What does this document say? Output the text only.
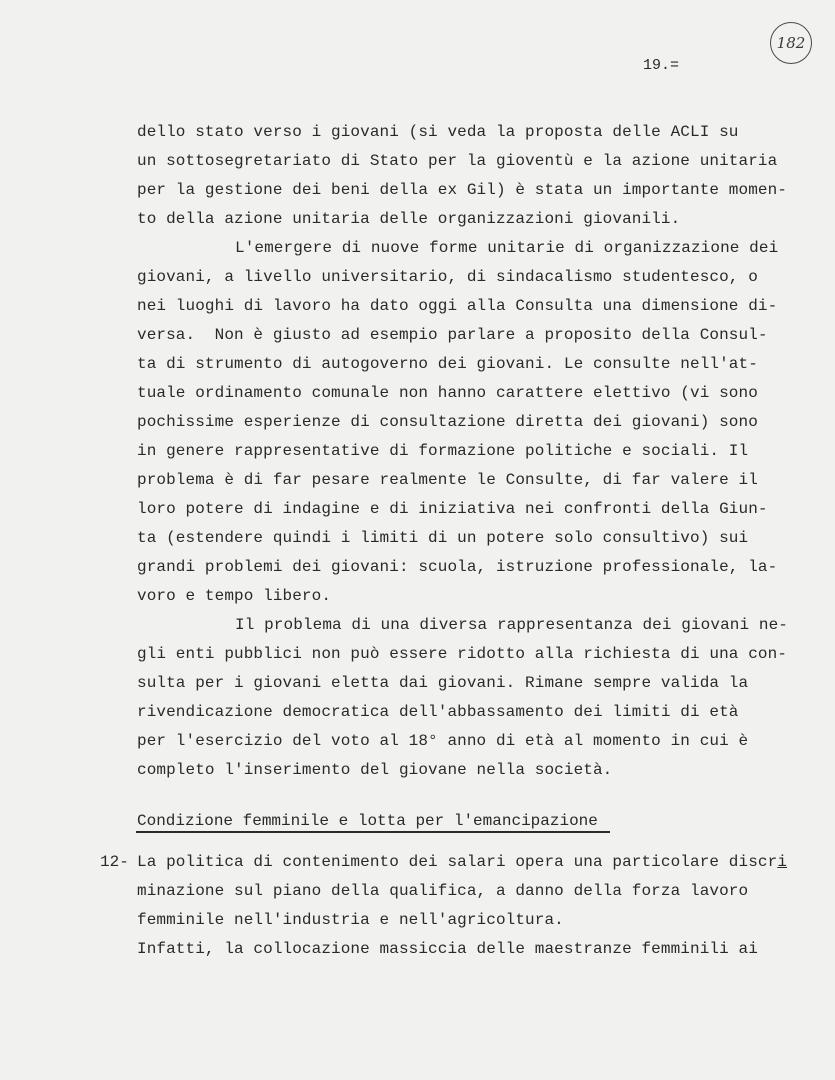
182
19.=
dello stato verso i giovani (si veda la proposta delle ACLI su
un sottosegretariato di Stato per la gioventù e la azione unitaria
per la gestione dei beni della ex Gil) è stata un importante momen-
to della azione unitaria delle organizzazioni giovanili.
L'emergere di nuove forme unitarie di organizzazione dei
giovani, a livello universitario, di sindacalismo studentesco, o
nei luoghi di lavoro ha dato oggi alla Consulta una dimensione di-
versa.  Non è giusto ad esempio parlare a proposito della Consul-
ta di strumento di autogoverno dei giovani. Le consulte nell'at-
tuale ordinamento comunale non hanno carattere elettivo (vi sono
pochissime esperienze di consultazione diretta dei giovani) sono
in genere rappresentative di formazione politiche e sociali. Il
problema è di far pesare realmente le Consulte, di far valere il
loro potere di indagine e di iniziativa nei confronti della Giun-
ta (estendere quindi i limiti di un potere solo consultivo) sui
grandi problemi dei giovani: scuola, istruzione professionale, la-
voro e tempo libero.
Il problema di una diversa rappresentanza dei giovani ne-
gli enti pubblici non può essere ridotto alla richiesta di una con-
sulta per i giovani eletta dai giovani. Rimane sempre valida la
rivendicazione democratica dell'abbassamento dei limiti di età
per l'esercizio del voto al 18° anno di età al momento in cui è
completo l'inserimento del giovane nella società.
Condizione femminile e lotta per l'emancipazione
12- La politica di contenimento dei salari opera una particolare discri
minazione sul piano della qualifica, a danno della forza lavoro
femminile nell'industria e nell'agricoltura.
Infatti, la collocazione massiccia delle maestranze femminili ai
